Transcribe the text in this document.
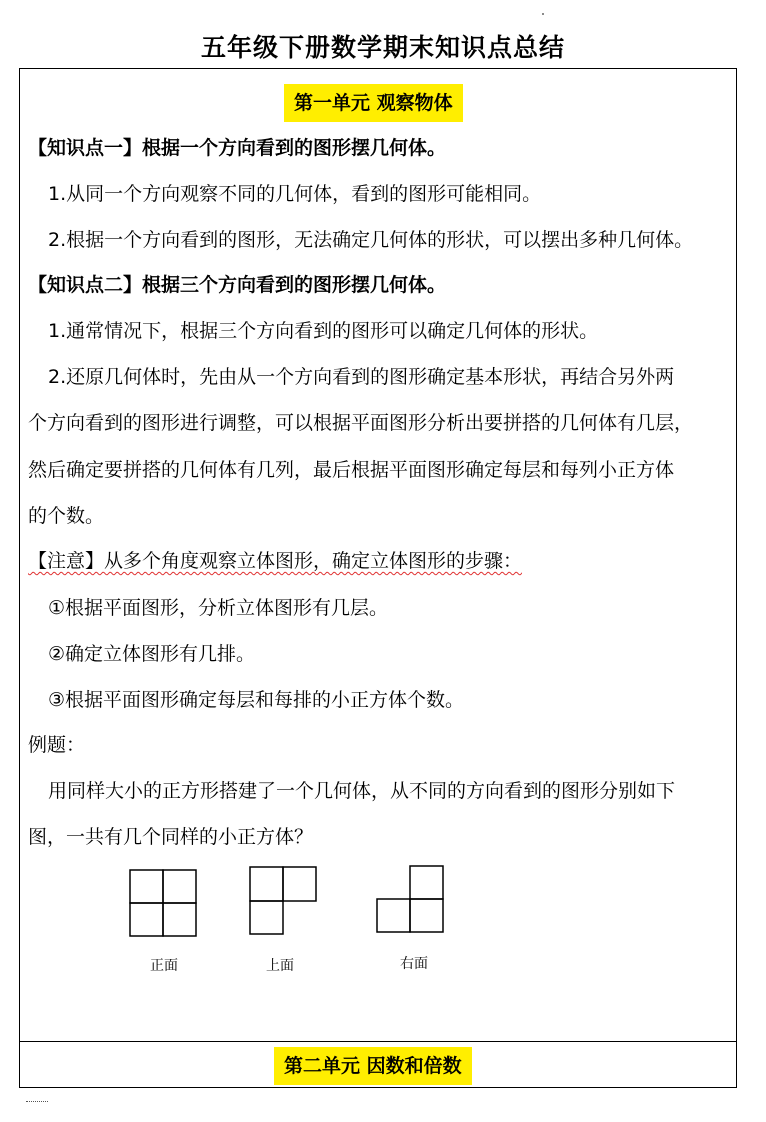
五年级下册数学期末知识点总结
第一单元 观察物体
【知识点一】根据一个方向看到的图形摆几何体。
1.从同一个方向观察不同的几何体，看到的图形可能相同。
2.根据一个方向看到的图形，无法确定几何体的形状，可以摆出多种几何体。
【知识点二】根据三个方向看到的图形摆几何体。
1.通常情况下，根据三个方向看到的图形可以确定几何体的形状。
2.还原几何体时，先由从一个方向看到的图形确定基本形状，再结合另外两
个方向看到的图形进行调整，可以根据平面图形分析出要拼搭的几何体有几层，
然后确定要拼搭的几何体有几列，最后根据平面图形确定每层和每列小正方体
的个数。
【注意】从多个角度观察立体图形，确定立体图形的步骤：
①根据平面图形，分析立体图形有几层。
②确定立体图形有几排。
③根据平面图形确定每层和每排的小正方体个数。
例题：
用同样大小的正方形搭建了一个几何体，从不同的方向看到的图形分别如下
图，一共有几个同样的小正方体？
正面	上面	右面
第二单元 因数和倍数
